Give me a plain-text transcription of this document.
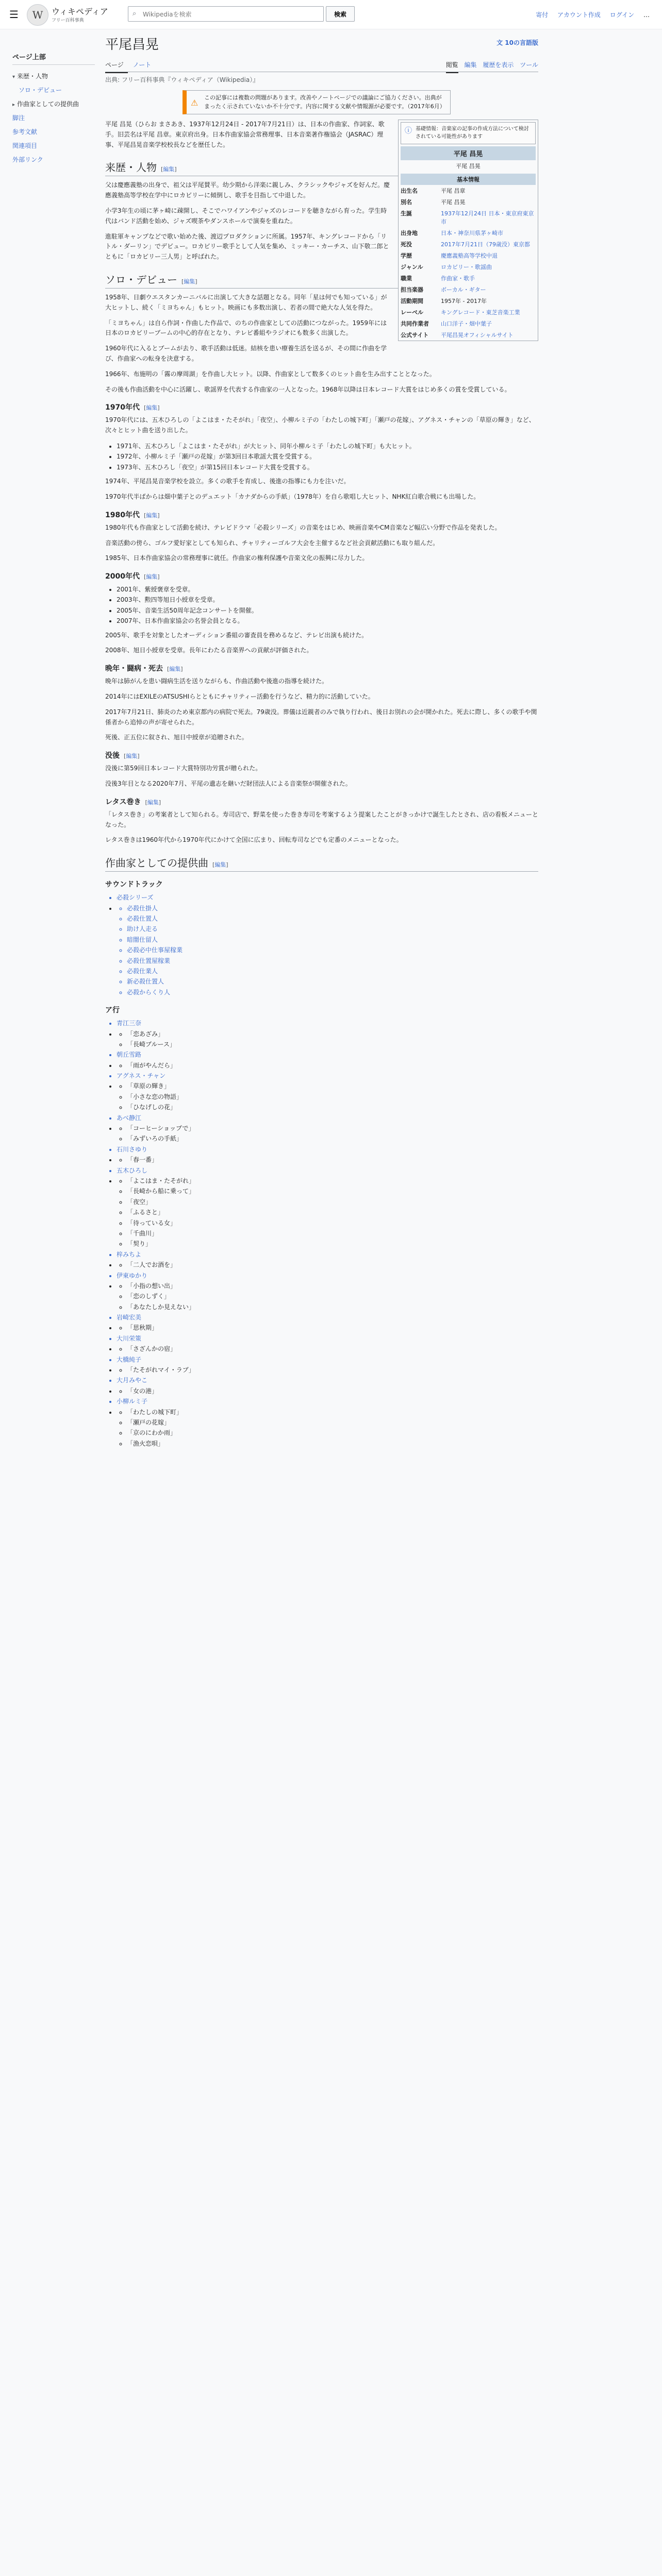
☰	W	ウィキペディア
フリー百科事典
⌕
Wikipediaを検索	検索	寄付 アカウント作成 ログイン …
ページ上部
▾ 来歴・人物
ソロ・デビュー
▸ 作曲家としての提供曲
脚注
参考文献
関連項目
外部リンク
平尾昌晃	文 10の言語版
ページ ノート	閲覧 編集 履歴を表示 ツール
出典: フリー百科事典『ウィキペディア（Wikipedia）』
⚠
この記事には複数の問題があります。改善やノートページでの議論にご協力ください。出典がまったく示されていないか不十分です。内容に関する文献や情報源が必要です。（2017年6月）
ⓘ 基礎情報：音楽家の記事の作成方法について検討されている可能性があります
平尾 昌晃
平尾 昌晃
基本情報
出生名	平尾 昌章
別名	平尾 昌晃
生誕	1937年12月24日 日本・東京府東京市
出身地	日本・神奈川県茅ヶ崎市
死没	2017年7月21日（79歳没）東京都
学歴	慶應義塾高等学校中退
ジャンル	ロカビリー・歌謡曲
職業	作曲家・歌手
担当楽器	ボーカル・ギター
活動期間	1957年 - 2017年
レーベル	キングレコード・東芝音楽工業
共同作業者	山口洋子・畑中葉子
公式サイト	平尾昌晃オフィシャルサイト

平尾 昌晃（ひらお まさあき、1937年12月24日 - 2017年7月21日）は、日本の作曲家、作詞家、歌手。旧芸名は平尾 昌章。東京府出身。日本作曲家協会常務理事、日本音楽著作権協会（JASRAC）理事、平尾昌晃音楽学校校長などを歴任した。

来歴・人物 [編集]

父は慶應義塾の出身で、祖父は平尾賛平。幼少期から洋楽に親しみ、クラシックやジャズを好んだ。慶應義塾高等学校在学中にロカビリーに傾倒し、歌手を目指して中退した。

小学3年生の頃に茅ヶ崎に疎開し、そこでハワイアンやジャズのレコードを聴きながら育った。学生時代はバンド活動を始め、ジャズ喫茶やダンスホールで演奏を重ねた。

進駐軍キャンプなどで歌い始めた後、渡辺プロダクションに所属。1957年、キングレコードから「リトル・ダーリン」でデビュー。ロカビリー歌手として人気を集め、ミッキー・カーチス、山下敬二郎とともに「ロカビリー三人男」と呼ばれた。

ソロ・デビュー [編集]

1958年、日劇ウエスタンカーニバルに出演して大きな話題となる。同年「星は何でも知っている」が大ヒットし、続く「ミヨちゃん」もヒット。映画にも多数出演し、若者の間で絶大な人気を得た。

「ミヨちゃん」は自ら作詞・作曲した作品で、のちの作曲家としての活動につながった。1959年には日本のロカビリーブームの中心的存在となり、テレビ番組やラジオにも数多く出演した。

1960年代に入るとブームが去り、歌手活動は低迷。結核を患い療養生活を送るが、その間に作曲を学び、作曲家への転身を決意する。

1966年、布施明の「霧の摩周湖」を作曲し大ヒット。以降、作曲家として数多くのヒット曲を生み出すこととなった。

その後も作曲活動を中心に活躍し、歌謡界を代表する作曲家の一人となった。1968年以降は日本レコード大賞をはじめ多くの賞を受賞している。

1970年代 [編集]

1970年代には、五木ひろしの「よこはま・たそがれ」「夜空」、小柳ルミ子の「わたしの城下町」「瀬戸の花嫁」、アグネス・チャンの「草原の輝き」など、次々とヒット曲を送り出した。

• 1971年、五木ひろし「よこはま・たそがれ」が大ヒット、同年小柳ルミ子「わたしの城下町」も大ヒット。
• 1972年、小柳ルミ子「瀬戸の花嫁」が第3回日本歌謡大賞を受賞する。
• 1973年、五木ひろし「夜空」が第15回日本レコード大賞を受賞する。

1974年、平尾昌晃音楽学校を設立。多くの歌手を育成し、後進の指導にも力を注いだ。

1970年代半ばからは畑中葉子とのデュエット「カナダからの手紙」（1978年）を自ら歌唱し大ヒット、NHK紅白歌合戦にも出場した。

1980年代 [編集]

1980年代も作曲家として活動を続け、テレビドラマ「必殺シリーズ」の音楽をはじめ、映画音楽やCM音楽など幅広い分野で作品を発表した。

音楽活動の傍ら、ゴルフ愛好家としても知られ、チャリティーゴルフ大会を主催するなど社会貢献活動にも取り組んだ。

1985年、日本作曲家協会の常務理事に就任。作曲家の権利保護や音楽文化の振興に尽力した。

2000年代 [編集]
• 2001年、紫綬褒章を受章。
• 2003年、勲四等旭日小綬章を受章。
• 2005年、音楽生活50周年記念コンサートを開催。
• 2007年、日本作曲家協会の名誉会員となる。

2005年、歌手を対象としたオーディション番組の審査員を務めるなど、テレビ出演も続けた。

2008年、旭日小綬章を受章。長年にわたる音楽界への貢献が評価された。

晩年・闘病・死去 [編集]

晩年は肺がんを患い闘病生活を送りながらも、作曲活動や後進の指導を続けた。

2014年にはEXILEのATSUSHIらとともにチャリティー活動を行うなど、精力的に活動していた。

2017年7月21日、肺炎のため東京都内の病院で死去。79歳没。葬儀は近親者のみで執り行われ、後日お別れの会が開かれた。死去に際し、多くの歌手や関係者から追悼の声が寄せられた。

死後、正五位に叙され、旭日中綬章が追贈された。

没後 [編集]

没後に第59回日本レコード大賞特別功労賞が贈られた。

没後3年目となる2020年7月、平尾の遺志を継いだ財団法人による音楽祭が開催された。

レタス巻き [編集]

「レタス巻き」の考案者として知られる。寿司店で、野菜を使った巻き寿司を考案するよう提案したことがきっかけで誕生したとされ、店の看板メニューとなった。

レタス巻きは1960年代から1970年代にかけて全国に広まり、回転寿司などでも定番のメニューとなった。

作曲家としての提供曲 [編集]
サウンドトラック
• 必殺シリーズ
◦ • 必殺仕掛人
◦ 必殺仕置人
◦ 助け人走る
◦ 暗闇仕留人
◦ 必殺必中仕事屋稼業
◦ 必殺仕置屋稼業
◦ 必殺仕業人
◦ 新必殺仕置人
◦ 必殺からくり人
ア行
• 青江三奈
◦ • 「恋あざみ」
◦ 「長崎ブルース」
• 朝丘雪路
◦ • 「雨がやんだら」
• アグネス・チャン
◦ • 「草原の輝き」
◦ 「小さな恋の物語」
◦ 「ひなげしの花」
• あべ静江
◦ • 「コーヒーショップで」
◦ 「みずいろの手紙」
• 石川さゆり
◦ • 「春一番」
• 五木ひろし
◦ • 「よこはま・たそがれ」
◦ 「長崎から船に乗って」
◦ 「夜空」
◦ 「ふるさと」
◦ 「待っている女」
◦ 「千曲川」
◦ 「契り」
• 梓みちよ
◦ • 「二人でお酒を」
• 伊東ゆかり
◦ • 「小指の想い出」
◦ 「恋のしずく」
◦ 「あなたしか見えない」
• 岩崎宏美
◦ • 「思秋期」
• 大川栄策
◦ • 「さざんかの宿」
• 大橋純子
◦ • 「たそがれマイ・ラブ」
• 大月みやこ
◦ • 「女の港」
• 小柳ルミ子
◦ • 「わたしの城下町」
◦ 「瀬戸の花嫁」
◦ 「京のにわか雨」
◦ 「漁火恋唄」
